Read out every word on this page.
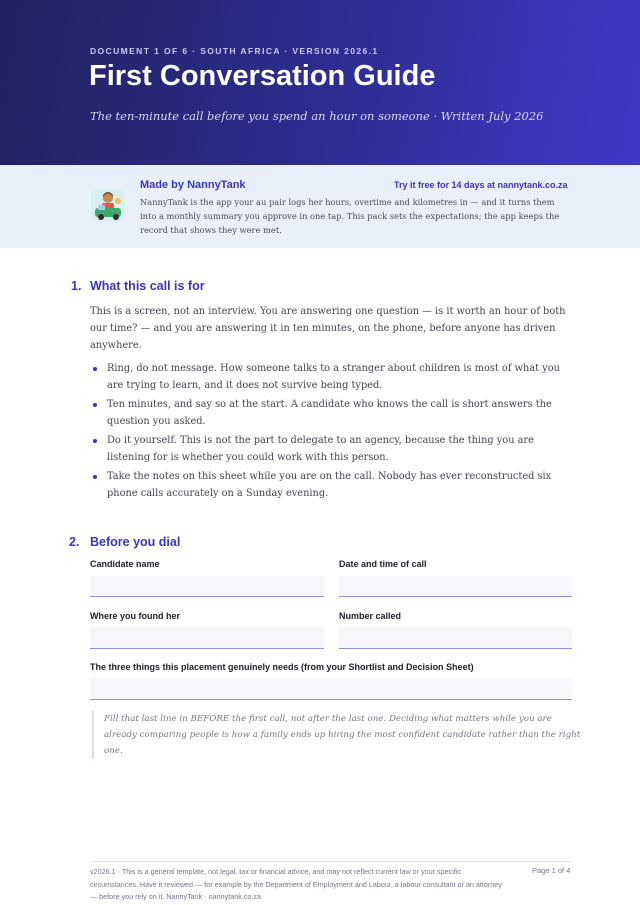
DOCUMENT 1 OF 6 · SOUTH AFRICA · VERSION 2026.1
First Conversation Guide
The ten-minute call before you spend an hour on someone · Written July 2026
Made by NannyTank	Try it free for 14 days at nannytank.co.za
NannyTank is the app your au pair logs her hours, overtime and kilometres in — and it turns them into a monthly summary you approve in one tap. This pack sets the expectations; the app keeps the record that shows they were met.
1. What this call is for
This is a screen, not an interview. You are answering one question — is it worth an hour of both our time? — and you are answering it in ten minutes, on the phone, before anyone has driven anywhere.
Ring, do not message. How someone talks to a stranger about children is most of what you are trying to learn, and it does not survive being typed.
Ten minutes, and say so at the start. A candidate who knows the call is short answers the question you asked.
Do it yourself. This is not the part to delegate to an agency, because the thing you are listening for is whether you could work with this person.
Take the notes on this sheet while you are on the call. Nobody has ever reconstructed six phone calls accurately on a Sunday evening.
2. Before you dial
Candidate name	Date and time of call
Where you found her	Number called
The three things this placement genuinely needs (from your Shortlist and Decision Sheet)
Fill that last line in BEFORE the first call, not after the last one. Deciding what matters while you are already comparing people is how a family ends up hiring the most confident candidate rather than the right one.
v2026.1 · This is a general template, not legal, tax or financial advice, and may not reflect current law or your specific circumstances. Have it reviewed — for example by the Department of Employment and Labour, a labour consultant or an attorney — before you rely on it. NannyTank · nannytank.co.za
Page 1 of 4
